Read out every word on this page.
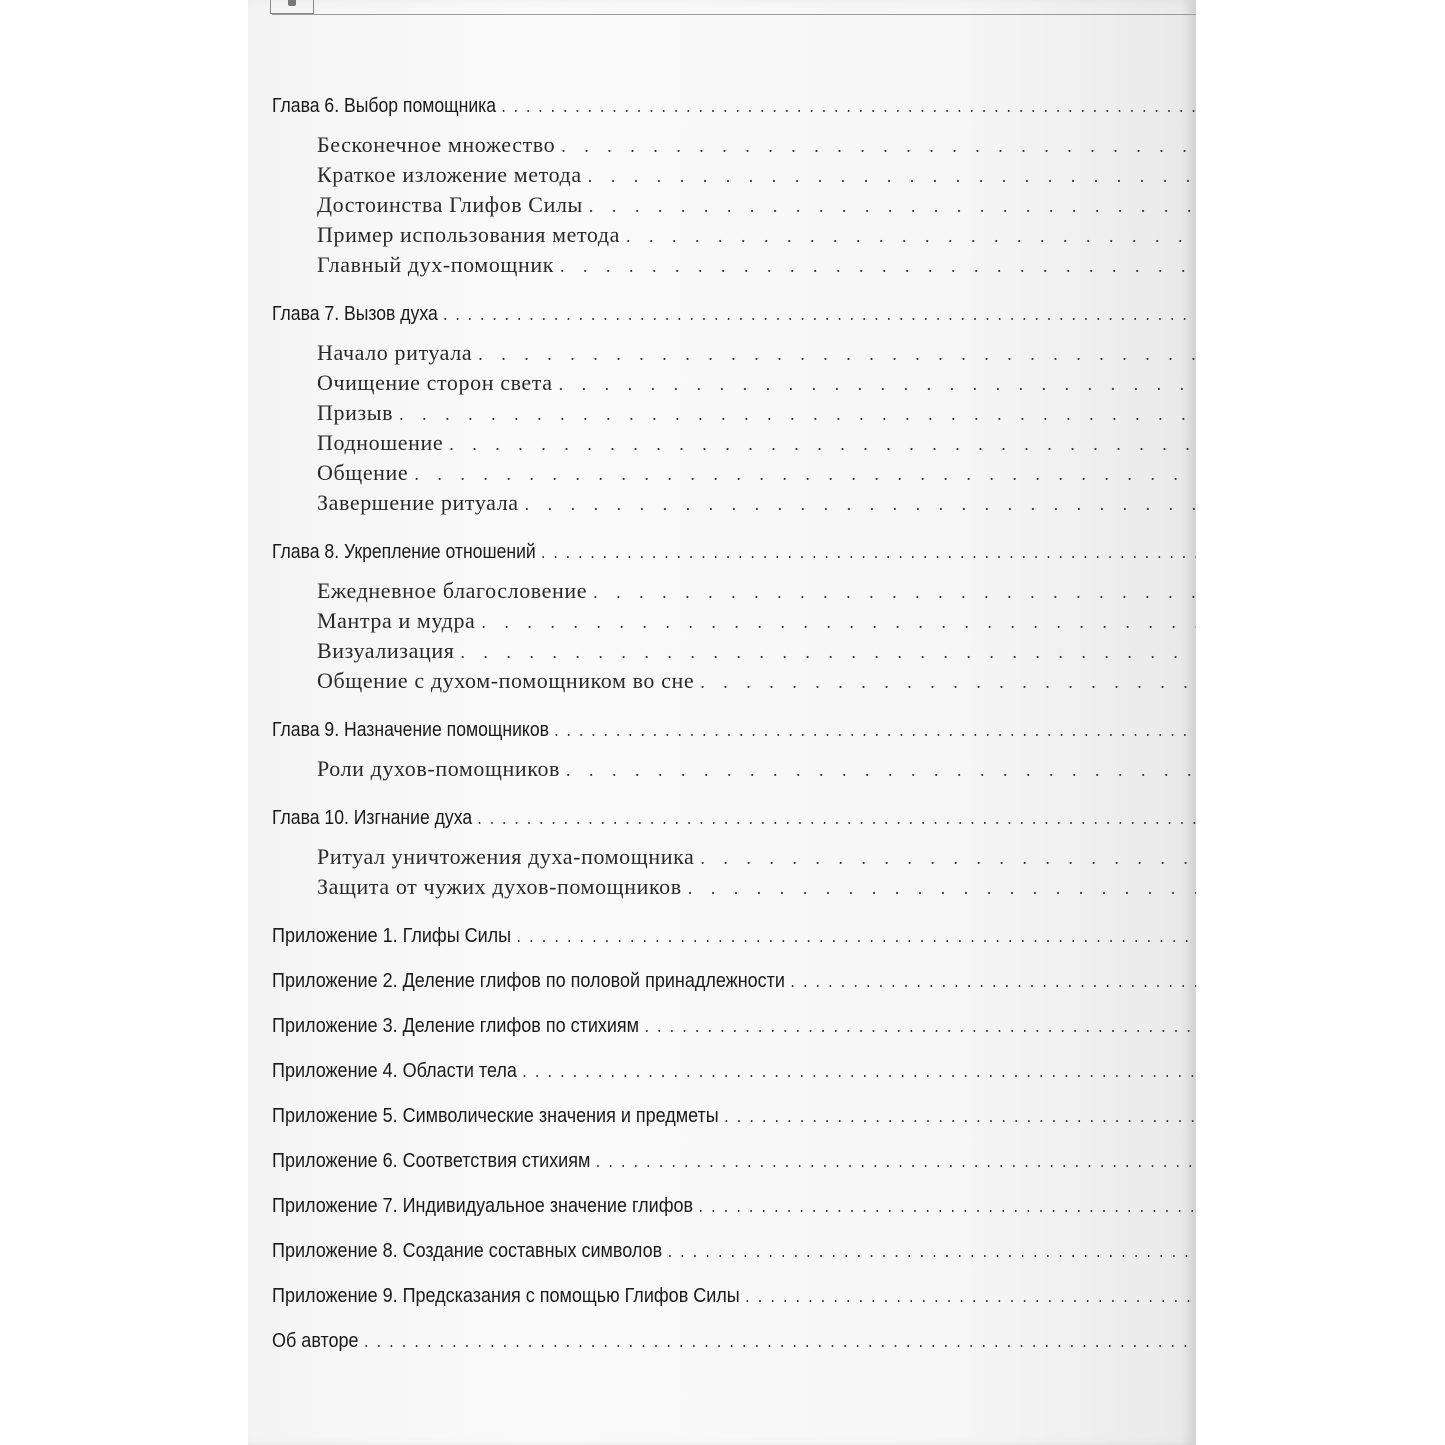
Глава 6. Выбор помощника
. . .
Бесконечное множество
. . .
Краткое изложение метода
. . .
Достоинства Глифов Силы
. . .
Пример использования метода
. . .
Главный дух-помощник
. . .
Глава 7. Вызов духа
. . .
Начало ритуала
. . .
Очищение сторон света
. . .
Призыв
. . .
Подношение
. . .
Общение
. . .
Завершение ритуала
. . .
Глава 8. Укрепление отношений
. . .
Ежедневное благословение
. . .
Мантра и мудра
. . .
Визуализация
. . .
Общение с духом-помощником во сне
. . .
Глава 9. Назначение помощников
. . .
Роли духов-помощников
. . .
Глава 10. Изгнание духа
. . .
Ритуал уничтожения духа-помощника
. . .
Защита от чужих духов-помощников
. . .
Приложение 1. Глифы Силы
. . .
Приложение 2. Деление глифов по половой принадлежности
. . .
Приложение 3. Деление глифов по стихиям
. . .
Приложение 4. Области тела
. . .
Приложение 5. Символические значения и предметы
. . .
Приложение 6. Соответствия стихиям
. . .
Приложение 7. Индивидуальное значение глифов
. . .
Приложение 8. Создание составных символов
. . .
Приложение 9. Предсказания с помощью Глифов Силы
. . .
Об авторе
. . .
